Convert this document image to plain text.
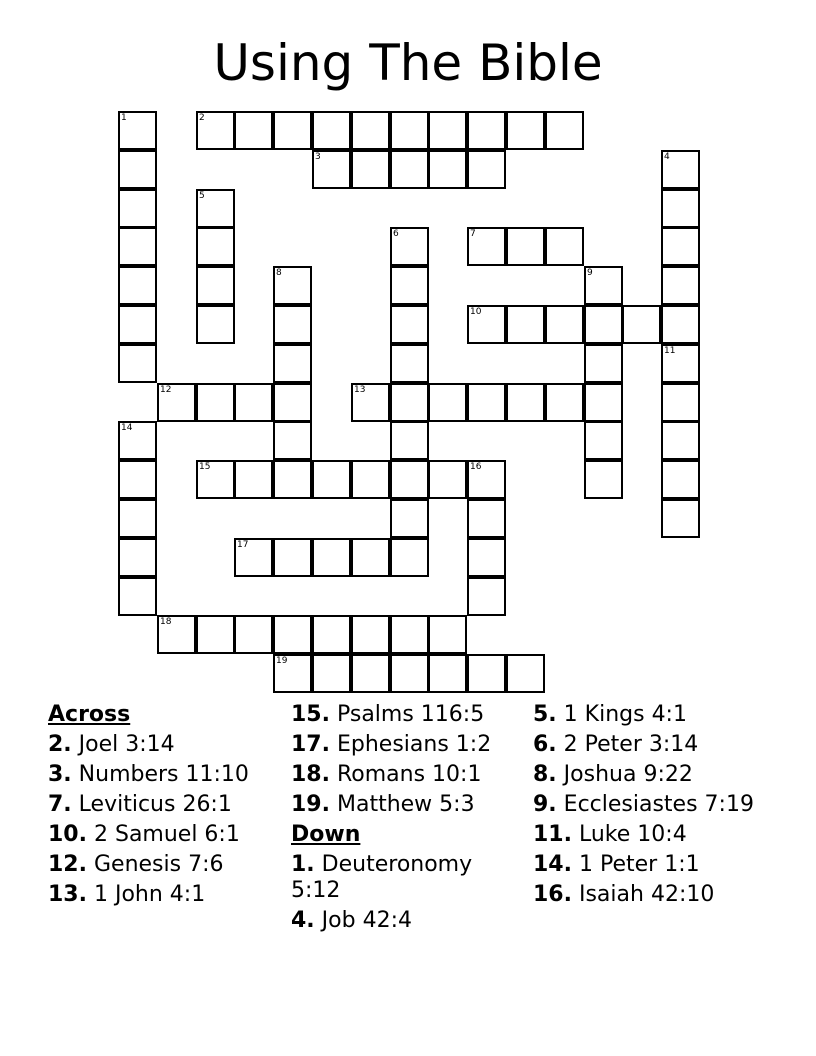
Using The Bible
2
3
7
10
12	13
15	16
17
18
19
1
4
5
6
8	9
11
14
Across
2. Joel 3:14
3. Numbers 11:10
7. Leviticus 26:1
10. 2 Samuel 6:1
12. Genesis 7:6
13. 1 John 4:1
15. Psalms 116:5
17. Ephesians 1:2
18. Romans 10:1
19. Matthew 5:3
Down
1. Deuteronomy 5:12
4. Job 42:4
5. 1 Kings 4:1
6. 2 Peter 3:14
8. Joshua 9:22
9. Ecclesiastes 7:19
11. Luke 10:4
14. 1 Peter 1:1
16. Isaiah 42:10
